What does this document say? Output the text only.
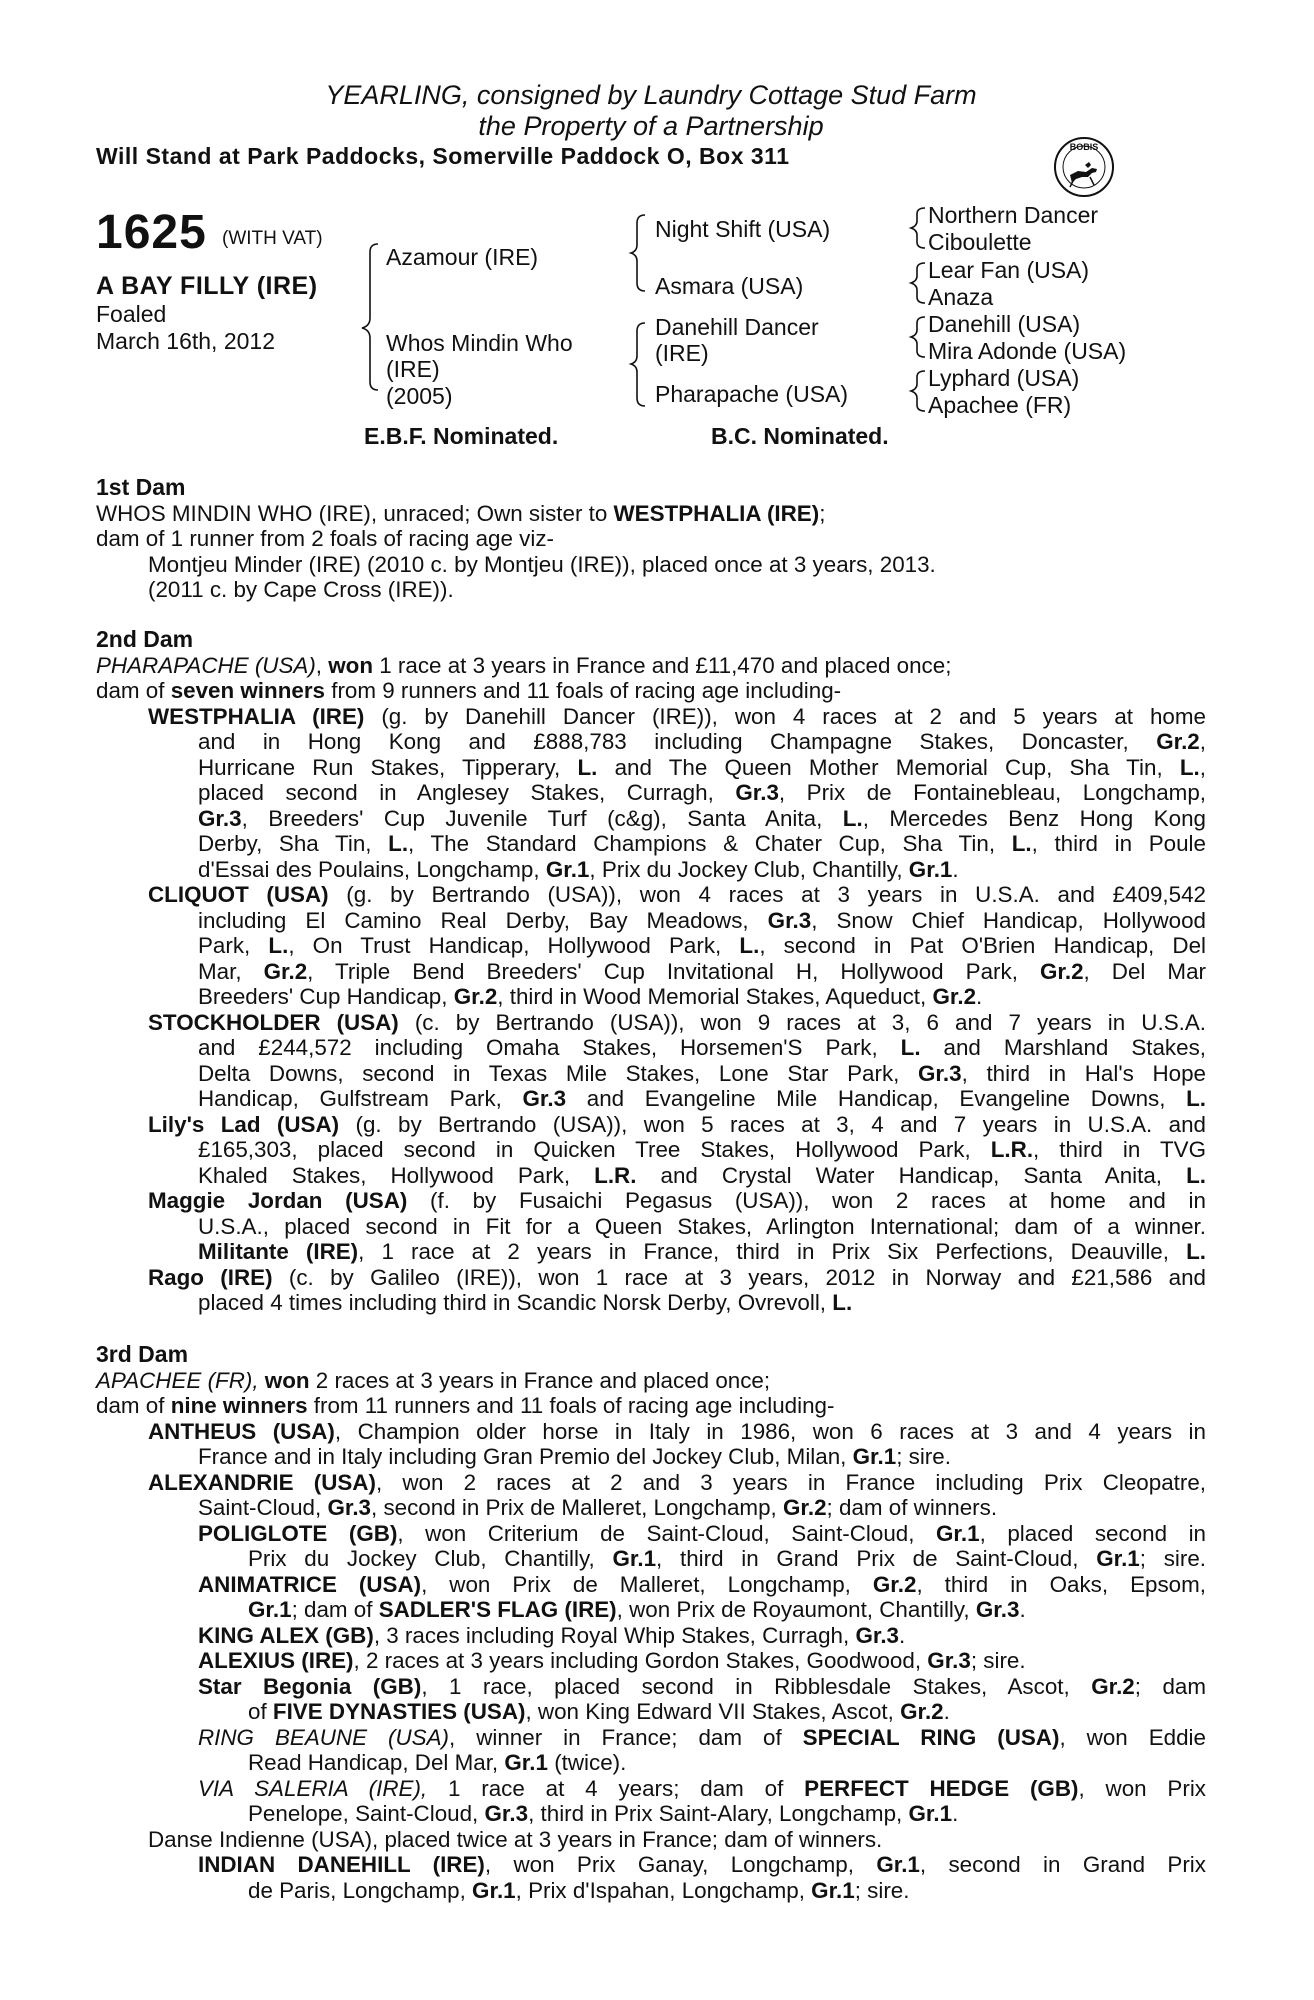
YEARLING, consigned by Laundry Cottage Stud Farm
the Property of a Partnership
Will Stand at Park Paddocks, Somerville Paddock O, Box 311	BOBIS
1625 (WITH VAT)
A BAY FILLY (IRE)
Foaled
March 16th, 2012
Azamour (IRE)
Whos Mindin Who
(IRE)
(2005)
Night Shift (USA)
Asmara (USA)
Danehill Dancer
(IRE)
Pharapache (USA)
Northern Dancer
Ciboulette
Lear Fan (USA)
Anaza
Danehill (USA)
Mira Adonde (USA)
Lyphard (USA)
Apachee (FR)
E.B.F. Nominated.	B.C. Nominated.
1st Dam
WHOS MINDIN WHO (IRE), unraced; Own sister to WESTPHALIA (IRE);
dam of 1 runner from 2 foals of racing age viz-
Montjeu Minder (IRE) (2010 c. by Montjeu (IRE)), placed once at 3 years, 2013.
(2011 c. by Cape Cross (IRE)).
2nd Dam
PHARAPACHE (USA), won 1 race at 3 years in France and £11,470 and placed once;
dam of seven winners from 9 runners and 11 foals of racing age including-
WESTPHALIA (IRE) (g. by Danehill Dancer (IRE)), won 4 races at 2 and 5 years at home
and in Hong Kong and £888,783 including Champagne Stakes, Doncaster, Gr.2,
Hurricane Run Stakes, Tipperary, L. and The Queen Mother Memorial Cup, Sha Tin, L.,
placed second in Anglesey Stakes, Curragh, Gr.3, Prix de Fontainebleau, Longchamp,
Gr.3, Breeders' Cup Juvenile Turf (c&g), Santa Anita, L., Mercedes Benz Hong Kong
Derby, Sha Tin, L., The Standard Champions & Chater Cup, Sha Tin, L., third in Poule
d'Essai des Poulains, Longchamp, Gr.1, Prix du Jockey Club, Chantilly, Gr.1.
CLIQUOT (USA) (g. by Bertrando (USA)), won 4 races at 3 years in U.S.A. and £409,542
including El Camino Real Derby, Bay Meadows, Gr.3, Snow Chief Handicap, Hollywood
Park, L., On Trust Handicap, Hollywood Park, L., second in Pat O'Brien Handicap, Del
Mar, Gr.2, Triple Bend Breeders' Cup Invitational H, Hollywood Park, Gr.2, Del Mar
Breeders' Cup Handicap, Gr.2, third in Wood Memorial Stakes, Aqueduct, Gr.2.
STOCKHOLDER (USA) (c. by Bertrando (USA)), won 9 races at 3, 6 and 7 years in U.S.A.
and £244,572 including Omaha Stakes, Horsemen'S Park, L. and Marshland Stakes,
Delta Downs, second in Texas Mile Stakes, Lone Star Park, Gr.3, third in Hal's Hope
Handicap, Gulfstream Park, Gr.3 and Evangeline Mile Handicap, Evangeline Downs, L.
Lily's Lad (USA) (g. by Bertrando (USA)), won 5 races at 3, 4 and 7 years in U.S.A. and
£165,303, placed second in Quicken Tree Stakes, Hollywood Park, L.R., third in TVG
Khaled Stakes, Hollywood Park, L.R. and Crystal Water Handicap, Santa Anita, L.
Maggie Jordan (USA) (f. by Fusaichi Pegasus (USA)), won 2 races at home and in
U.S.A., placed second in Fit for a Queen Stakes, Arlington International; dam of a winner.
Militante (IRE), 1 race at 2 years in France, third in Prix Six Perfections, Deauville, L.
Rago (IRE) (c. by Galileo (IRE)), won 1 race at 3 years, 2012 in Norway and £21,586 and
placed 4 times including third in Scandic Norsk Derby, Ovrevoll, L.
3rd Dam
APACHEE (FR), won 2 races at 3 years in France and placed once;
dam of nine winners from 11 runners and 11 foals of racing age including-
ANTHEUS (USA), Champion older horse in Italy in 1986, won 6 races at 3 and 4 years in
France and in Italy including Gran Premio del Jockey Club, Milan, Gr.1; sire.
ALEXANDRIE (USA), won 2 races at 2 and 3 years in France including Prix Cleopatre,
Saint-Cloud, Gr.3, second in Prix de Malleret, Longchamp, Gr.2; dam of winners.
POLIGLOTE (GB), won Criterium de Saint-Cloud, Saint-Cloud, Gr.1, placed second in
Prix du Jockey Club, Chantilly, Gr.1, third in Grand Prix de Saint-Cloud, Gr.1; sire.
ANIMATRICE (USA), won Prix de Malleret, Longchamp, Gr.2, third in Oaks, Epsom,
Gr.1; dam of SADLER'S FLAG (IRE), won Prix de Royaumont, Chantilly, Gr.3.
KING ALEX (GB), 3 races including Royal Whip Stakes, Curragh, Gr.3.
ALEXIUS (IRE), 2 races at 3 years including Gordon Stakes, Goodwood, Gr.3; sire.
Star Begonia (GB), 1 race, placed second in Ribblesdale Stakes, Ascot, Gr.2; dam
of FIVE DYNASTIES (USA), won King Edward VII Stakes, Ascot, Gr.2.
RING BEAUNE (USA), winner in France; dam of SPECIAL RING (USA), won Eddie
Read Handicap, Del Mar, Gr.1 (twice).
VIA SALERIA (IRE), 1 race at 4 years; dam of PERFECT HEDGE (GB), won Prix
Penelope, Saint-Cloud, Gr.3, third in Prix Saint-Alary, Longchamp, Gr.1.
Danse Indienne (USA), placed twice at 3 years in France; dam of winners.
INDIAN DANEHILL (IRE), won Prix Ganay, Longchamp, Gr.1, second in Grand Prix
de Paris, Longchamp, Gr.1, Prix d'Ispahan, Longchamp, Gr.1; sire.
